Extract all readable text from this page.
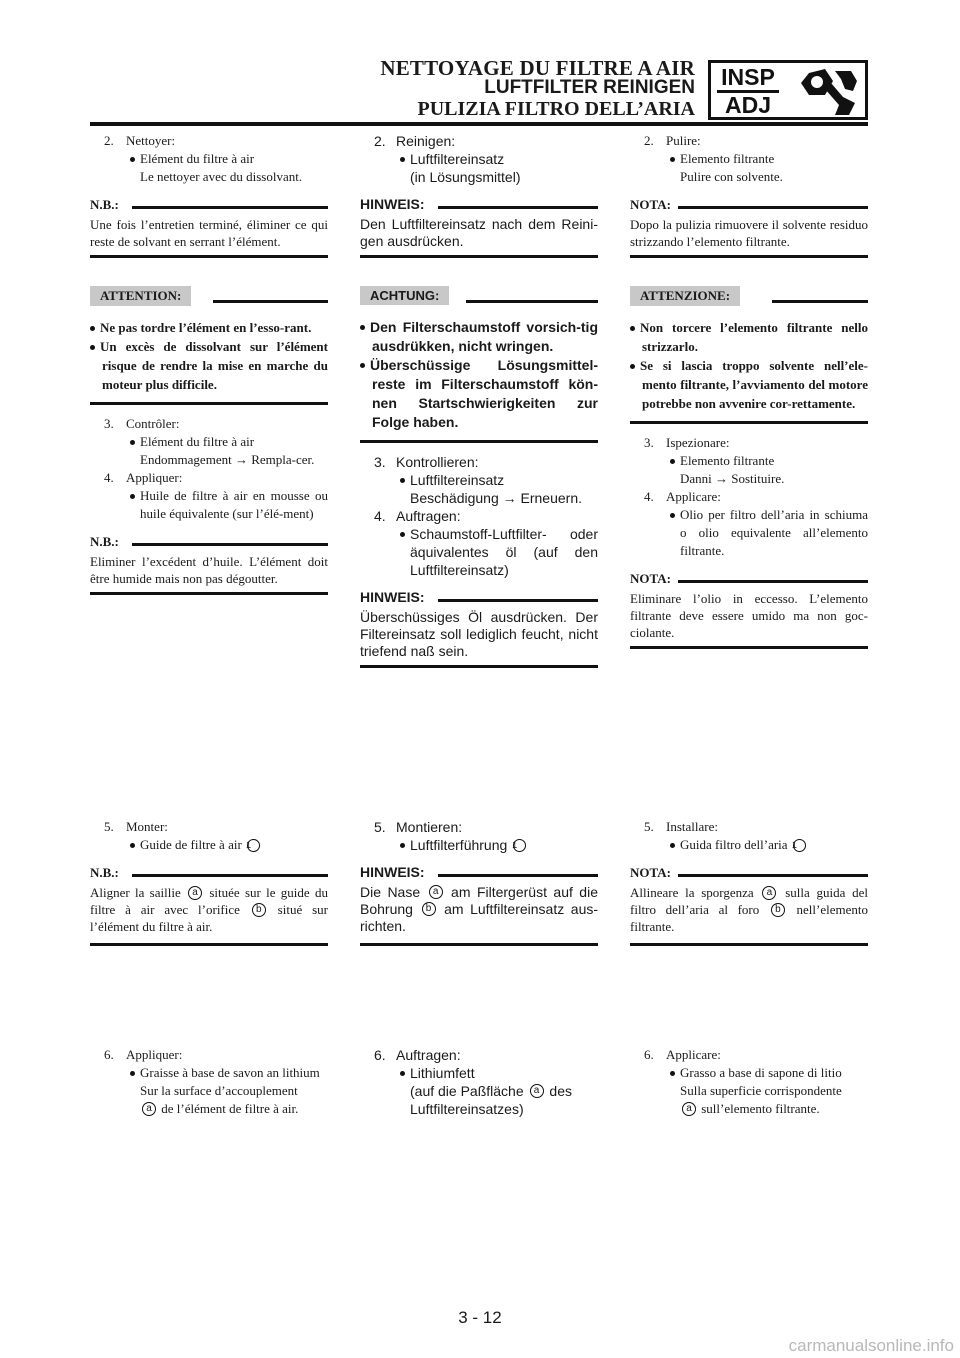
NETTOYAGE DU FILTRE A AIR
LUFTFILTER REINIGEN
PULIZIA FILTRO DELL’ARIA
INSP
ADJ
2. Nettoyer:
Elément du filtre à air
Le nettoyer avec du dissolvant.
N.B.:
Une fois l’entretien terminé, éliminer ce qui reste de solvant en serrant l’élément.
ATTENTION:
Ne pas tordre l’élément en l’esso-rant.
Un excès de dissolvant sur l’élément risque de rendre la mise en marche du moteur plus difficile.
3. Contrôler:
Elément du filtre à air
Endommagement → Rempla-cer.
4. Appliquer:
Huile de filtre à air en mousse ou huile équivalente (sur l’élé-ment)
N.B.:
Eliminer l’excédent d’huile. L’élément doit être humide mais non pas dégoutter.
5. Monter:
Guide de filtre à air 1
N.B.:
Aligner la saillie a située sur le guide du filtre à air avec l’orifice b situé sur l’élément du filtre à air.
6. Appliquer:
Graisse à base de savon an lithium
Sur la surface d’accouplement
a de l’élément de filtre à air.
2. Reinigen:
Luftfiltereinsatz
(in Lösungsmittel)
HINWEIS:
Den Luftfiltereinsatz nach dem Reini-gen ausdrücken.
ACHTUNG:
Den Filterschaumstoff vorsich-tig ausdrükken, nicht wringen.
Überschüssige Lösungsmittel-reste im Filterschaumstoff kön-nen Startschwierigkeiten zur Folge haben.
3. Kontrollieren:
Luftfiltereinsatz
Beschädigung → Erneuern.
4. Auftragen:
Schaumstoff-Luftfilter- oder äquivalentes öl (auf den Luftfiltereinsatz)
HINWEIS:
Überschüssiges Öl ausdrücken. Der Filtereinsatz soll lediglich feucht, nicht triefend naß sein.
5. Montieren:
Luftfilterführung 1
HINWEIS:
Die Nase a am Filtergerüst auf die Bohrung b am Luftfiltereinsatz aus-richten.
6. Auftragen:
Lithiumfett
(auf die Paßfläche a des
Luftfiltereinsatzes)
2. Pulire:
Elemento filtrante
Pulire con solvente.
NOTA:
Dopo la pulizia rimuovere il solvente residuo strizzando l’elemento filtrante.
ATTENZIONE:
Non torcere l’elemento filtrante nello strizzarlo.
Se si lascia troppo solvente nell’ele-mento filtrante, l’avviamento del motore potrebbe non avvenire cor-rettamente.
3. Ispezionare:
Elemento filtrante
Danni → Sostituire.
4. Applicare:
Olio per filtro dell’aria in schiuma o olio equivalente all’elemento filtrante.
NOTA:
Eliminare l’olio in eccesso. L’elemento filtrante deve essere umido ma non goc-ciolante.
5. Installare:
Guida filtro dell’aria 1
NOTA:
Allineare la sporgenza a sulla guida del filtro dell’aria al foro b nell’elemento filtrante.
6. Applicare:
Grasso a base di sapone di litio
Sulla superficie corrispondente
a sull’elemento filtrante.
3 - 12
carmanualsonline.info
